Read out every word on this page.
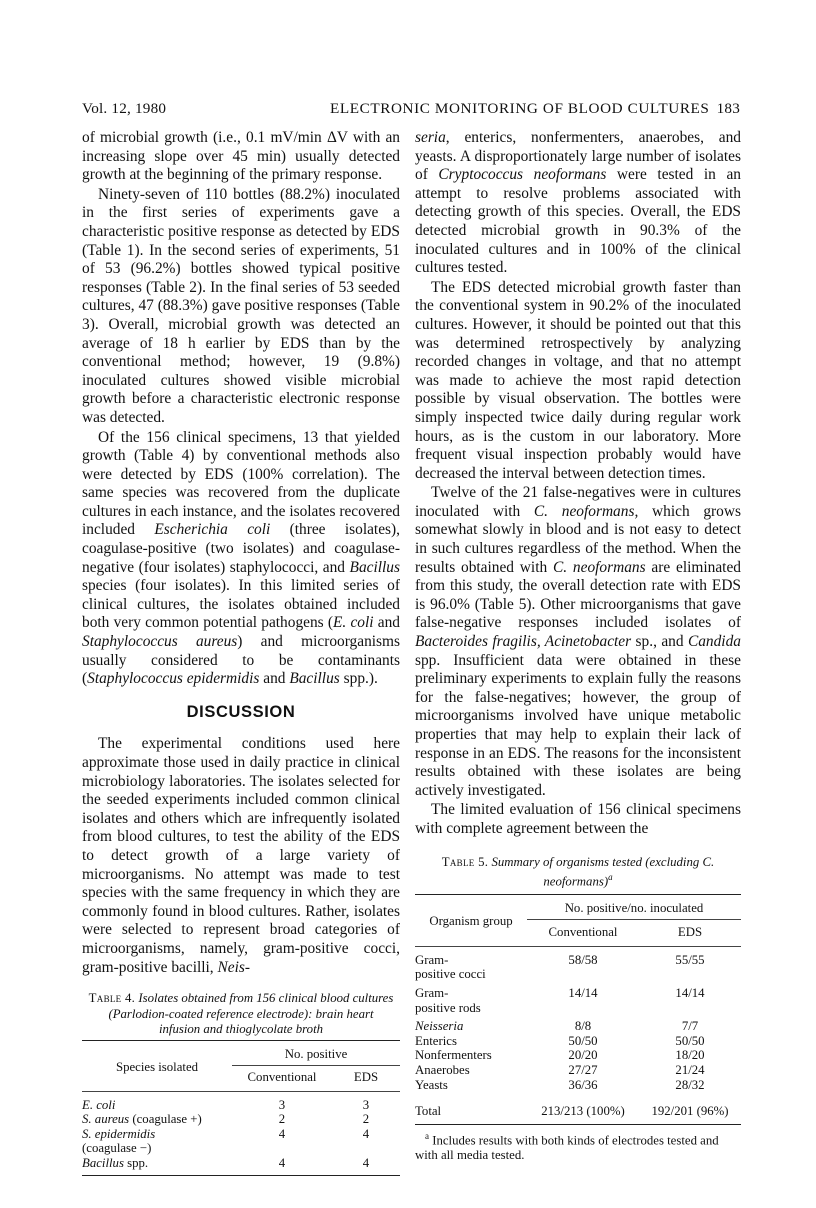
Vol. 12, 1980	ELECTRONIC MONITORING OF BLOOD CULTURES 183

of microbial growth (i.e., 0.1 mV/min ΔV with an increasing slope over 45 min) usually detected growth at the beginning of the primary response.

Ninety-seven of 110 bottles (88.2%) inoculated in the first series of experiments gave a characteristic positive response as detected by EDS (Table 1). In the second series of experiments, 51 of 53 (96.2%) bottles showed typical positive responses (Table 2). In the final series of 53 seeded cultures, 47 (88.3%) gave positive responses (Table 3). Overall, microbial growth was detected an average of 18 h earlier by EDS than by the conventional method; however, 19 (9.8%) inoculated cultures showed visible microbial growth before a characteristic electronic response was detected.

Of the 156 clinical specimens, 13 that yielded growth (Table 4) by conventional methods also were detected by EDS (100% correlation). The same species was recovered from the duplicate cultures in each instance, and the isolates recovered included Escherichia coli (three isolates), coagulase-positive (two isolates) and coagulase-negative (four isolates) staphylococci, and Bacillus species (four isolates). In this limited series of clinical cultures, the isolates obtained included both very common potential pathogens (E. coli and Staphylococcus aureus) and microorganisms usually considered to be contaminants (Staphylococcus epidermidis and Bacillus spp.).

DISCUSSION

The experimental conditions used here approximate those used in daily practice in clinical microbiology laboratories. The isolates selected for the seeded experiments included common clinical isolates and others which are infrequently isolated from blood cultures, to test the ability of the EDS to detect growth of a large variety of microorganisms. No attempt was made to test species with the same frequency in which they are commonly found in blood cultures. Rather, isolates were selected to represent broad categories of microorganisms, namely, gram-positive cocci, gram-positive bacilli, Neis-

Table 4. Isolates obtained from 156 clinical blood cultures (Parlodion-coated reference electrode): brain heart infusion and thioglycolate broth
Species isolated	No. positive	
	Conventional	EDS
E. coli	3	3
S. aureus (coagulase +)	2	2
S. epidermidis (coagulase −)	4	4
Bacillus spp.	4	4

seria, enterics, nonfermenters, anaerobes, and yeasts. A disproportionately large number of isolates of Cryptococcus neoformans were tested in an attempt to resolve problems associated with detecting growth of this species. Overall, the EDS detected microbial growth in 90.3% of the inoculated cultures and in 100% of the clinical cultures tested.

The EDS detected microbial growth faster than the conventional system in 90.2% of the inoculated cultures. However, it should be pointed out that this was determined retrospectively by analyzing recorded changes in voltage, and that no attempt was made to achieve the most rapid detection possible by visual observation. The bottles were simply inspected twice daily during regular work hours, as is the custom in our laboratory. More frequent visual inspection probably would have decreased the interval between detection times.

Twelve of the 21 false-negatives were in cultures inoculated with C. neoformans, which grows somewhat slowly in blood and is not easy to detect in such cultures regardless of the method. When the results obtained with C. neoformans are eliminated from this study, the overall detection rate with EDS is 96.0% (Table 5). Other microorganisms that gave false-negative responses included isolates of Bacteroides fragilis, Acinetobacter sp., and Candida spp. Insufficient data were obtained in these preliminary experiments to explain fully the reasons for the false-negatives; however, the group of microorganisms involved have unique metabolic properties that may help to explain their lack of response in an EDS. The reasons for the inconsistent results obtained with these isolates are being actively investigated.

The limited evaluation of 156 clinical specimens with complete agreement between the

Table 5. Summary of organisms tested (excluding C. neoformans)$^a$
Organism group	No. positive/no. inoculated	
	Conventional	EDS
Gram-positive cocci	58/58	55/55
Gram-positive rods	14/14	14/14
Neisseria	8/8	7/7
Enterics	50/50	50/50
Nonfermenters	20/20	18/20
Anaerobes	27/27	21/24
Yeasts	36/36	28/32
Total	213/213 (100%)	192/201 (96%)
$^a$ Includes results with both kinds of electrodes tested and with all media tested.
